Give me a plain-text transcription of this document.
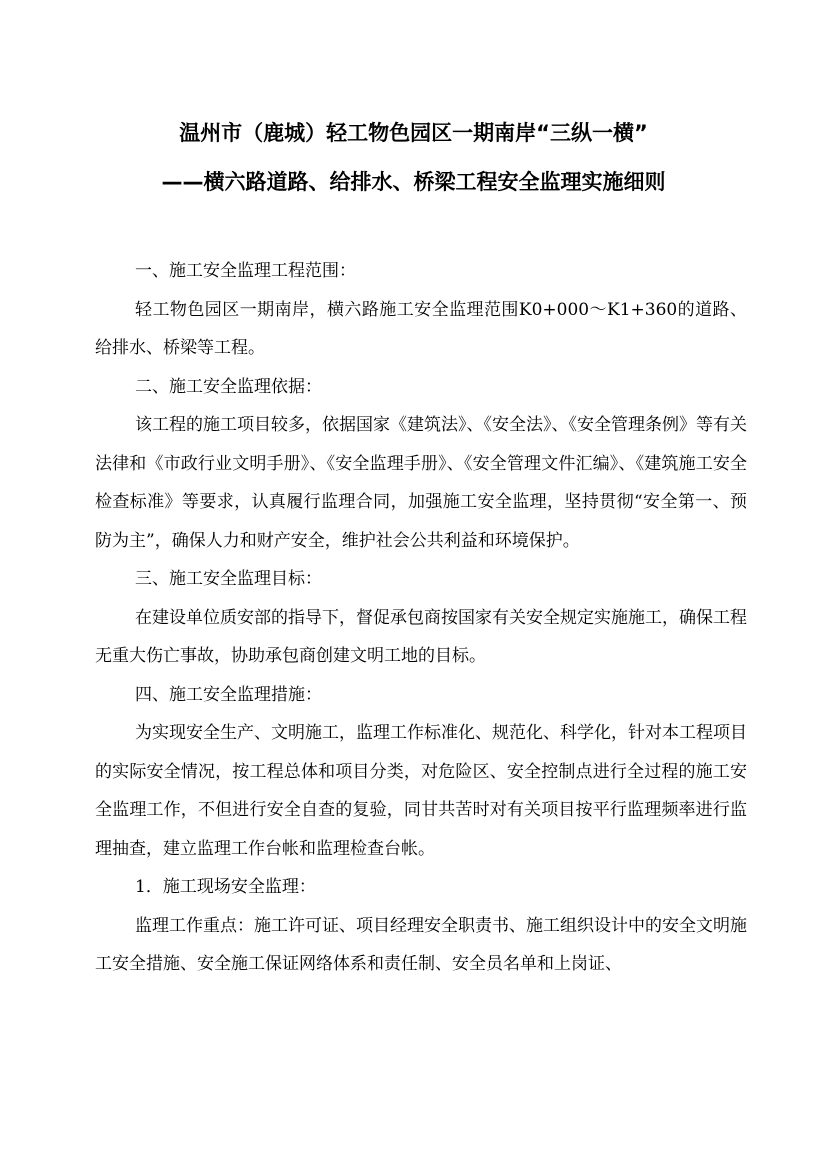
温州市（鹿城）轻工物色园区一期南岸“三纵一横”
——横六路道路、给排水、桥梁工程安全监理实施细则

一、施工安全监理工程范围：

轻工物色园区一期南岸，横六路施工安全监理范围K0+000～K1+360的道路、给排水、桥梁等工程。

二、施工安全监理依据：

该工程的施工项目较多，依据国家《建筑法》、《安全法》、《安全管理条例》等有关法律和《市政行业文明手册》、《安全监理手册》、《安全管理文件汇编》、《建筑施工安全检查标准》等要求，认真履行监理合同，加强施工安全监理，坚持贯彻“安全第一、预防为主”，确保人力和财产安全，维护社会公共利益和环境保护。

三、施工安全监理目标：

在建设单位质安部的指导下，督促承包商按国家有关安全规定实施施工，确保工程无重大伤亡事故，协助承包商创建文明工地的目标。

四、施工安全监理措施：

为实现安全生产、文明施工，监理工作标准化、规范化、科学化，针对本工程项目的实际安全情况，按工程总体和项目分类，对危险区、安全控制点进行全过程的施工安全监理工作，不但进行安全自查的复验，同甘共苦时对有关项目按平行监理频率进行监理抽查，建立监理工作台帐和监理检查台帐。

1．施工现场安全监理：

监理工作重点：施工许可证、项目经理安全职责书、施工组织设计中的安全文明施工安全措施、安全施工保证网络体系和责任制、安全员名单和上岗证、
